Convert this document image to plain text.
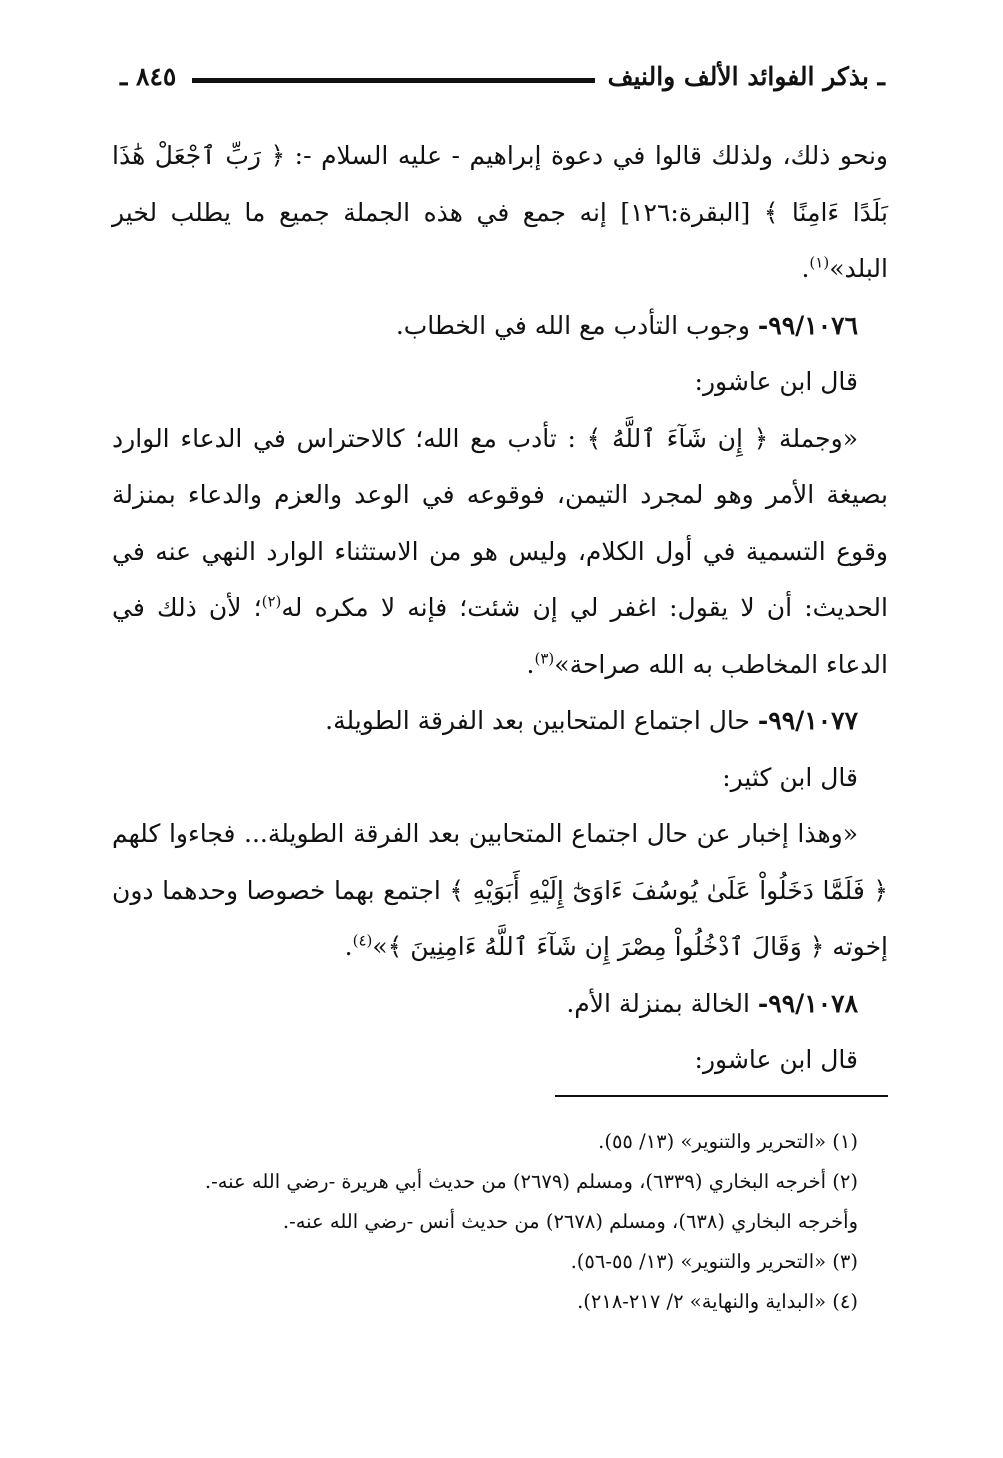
ـ بذكر الفوائد الألف والنيف
٨٤٥ ـ

ونحو ذلك، ولذلك قالوا في دعوة إبراهيم - عليه السلام -: ﴿ رَبِّ ٱجْعَلْ هَٰذَا بَلَدًا ءَامِنًا ﴾ [البقرة:١٢٦] إنه جمع في هذه الجملة جميع ما يطلب لخير البلد»$^{(١)}$.

٩٩/١٠٧٦- وجوب التأدب مع الله في الخطاب.

قال ابن عاشور:

«وجملة ﴿ إِن شَآءَ ٱللَّهُ ﴾ : تأدب مع الله؛ كالاحتراس في الدعاء الوارد بصيغة الأمر وهو لمجرد التيمن، فوقوعه في الوعد والعزم والدعاء بمنزلة وقوع التسمية في أول الكلام، وليس هو من الاستثناء الوارد النهي عنه في الحديث: أن لا يقول: اغفر لي إن شئت؛ فإنه لا مكره له$^{(٢)}$؛ لأن ذلك في الدعاء المخاطب به الله صراحة»$^{(٣)}$.

٩٩/١٠٧٧- حال اجتماع المتحابين بعد الفرقة الطويلة.

قال ابن كثير:

«وهذا إخبار عن حال اجتماع المتحابين بعد الفرقة الطويلة... فجاءوا كلهم ﴿ فَلَمَّا دَخَلُواْ عَلَىٰ يُوسُفَ ءَاوَىٰٓ إِلَيْهِ أَبَوَيْهِ ﴾ اجتمع بهما خصوصا وحدهما دون إخوته ﴿ وَقَالَ ٱدْخُلُواْ مِصْرَ إِن شَآءَ ٱللَّهُ ءَامِنِينَ ﴾»$^{(٤)}$.

٩٩/١٠٧٨- الخالة بمنزلة الأم.

قال ابن عاشور:

(١) «التحرير والتنوير» (١٣/ ٥٥).

(٢) أخرجه البخاري (٦٣٣٩)، ومسلم (٢٦٧٩) من حديث أبي هريرة -رضي الله عنه-.

وأخرجه البخاري (٦٣٨)، ومسلم (٢٦٧٨) من حديث أنس -رضي الله عنه-.

(٣) «التحرير والتنوير» (١٣/ ٥٥-٥٦).

(٤) «البداية والنهاية» ٢/ ٢١٧-٢١٨).
